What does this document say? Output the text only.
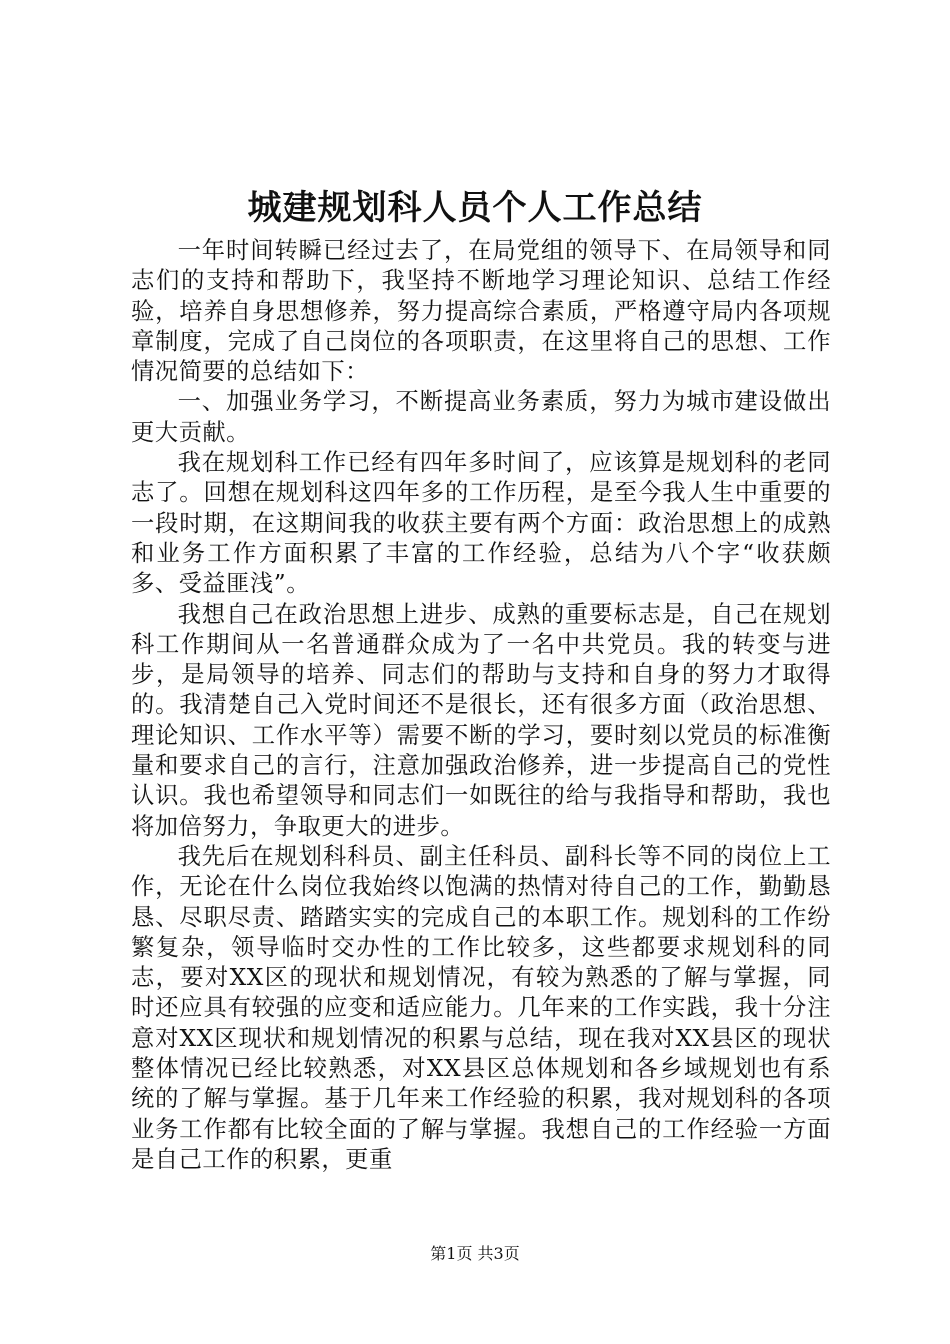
城建规划科人员个人工作总结

一年时间转瞬已经过去了，在局党组的领导下、在局领导和同志们的支持和帮助下，我坚持不断地学习理论知识、总结工作经验，培养自身思想修养，努力提高综合素质，严格遵守局内各项规章制度，完成了自己岗位的各项职责，在这里将自己的思想、工作情况简要的总结如下：

一、加强业务学习，不断提高业务素质，努力为城市建设做出更大贡献。

我在规划科工作已经有四年多时间了，应该算是规划科的老同志了。回想在规划科这四年多的工作历程，是至今我人生中重要的一段时期，在这期间我的收获主要有两个方面：政治思想上的成熟和业务工作方面积累了丰富的工作经验，总结为八个字“收获颇多、受益匪浅”。

我想自己在政治思想上进步、成熟的重要标志是，自己在规划科工作期间从一名普通群众成为了一名中共党员。我的转变与进步，是局领导的培养、同志们的帮助与支持和自身的努力才取得的。我清楚自己入党时间还不是很长，还有很多方面（政治思想、理论知识、工作水平等）需要不断的学习，要时刻以党员的标准衡量和要求自己的言行，注意加强政治修养，进一步提高自己的党性认识。我也希望领导和同志们一如既往的给与我指导和帮助，我也将加倍努力，争取更大的进步。

我先后在规划科科员、副主任科员、副科长等不同的岗位上工作，无论在什么岗位我始终以饱满的热情对待自己的工作，勤勤恳恳、尽职尽责、踏踏实实的完成自己的本职工作。规划科的工作纷繁复杂，领导临时交办性的工作比较多，这些都要求规划科的同志，要对XX区的现状和规划情况，有较为熟悉的了解与掌握，同时还应具有较强的应变和适应能力。几年来的工作实践，我十分注意对XX区现状和规划情况的积累与总结，现在我对XX县区的现状整体情况已经比较熟悉，对XX县区总体规划和各乡域规划也有系统的了解与掌握。基于几年来工作经验的积累，我对规划科的各项业务工作都有比较全面的了解与掌握。我想自己的工作经验一方面是自己工作的积累，更重

第1页 共3页
